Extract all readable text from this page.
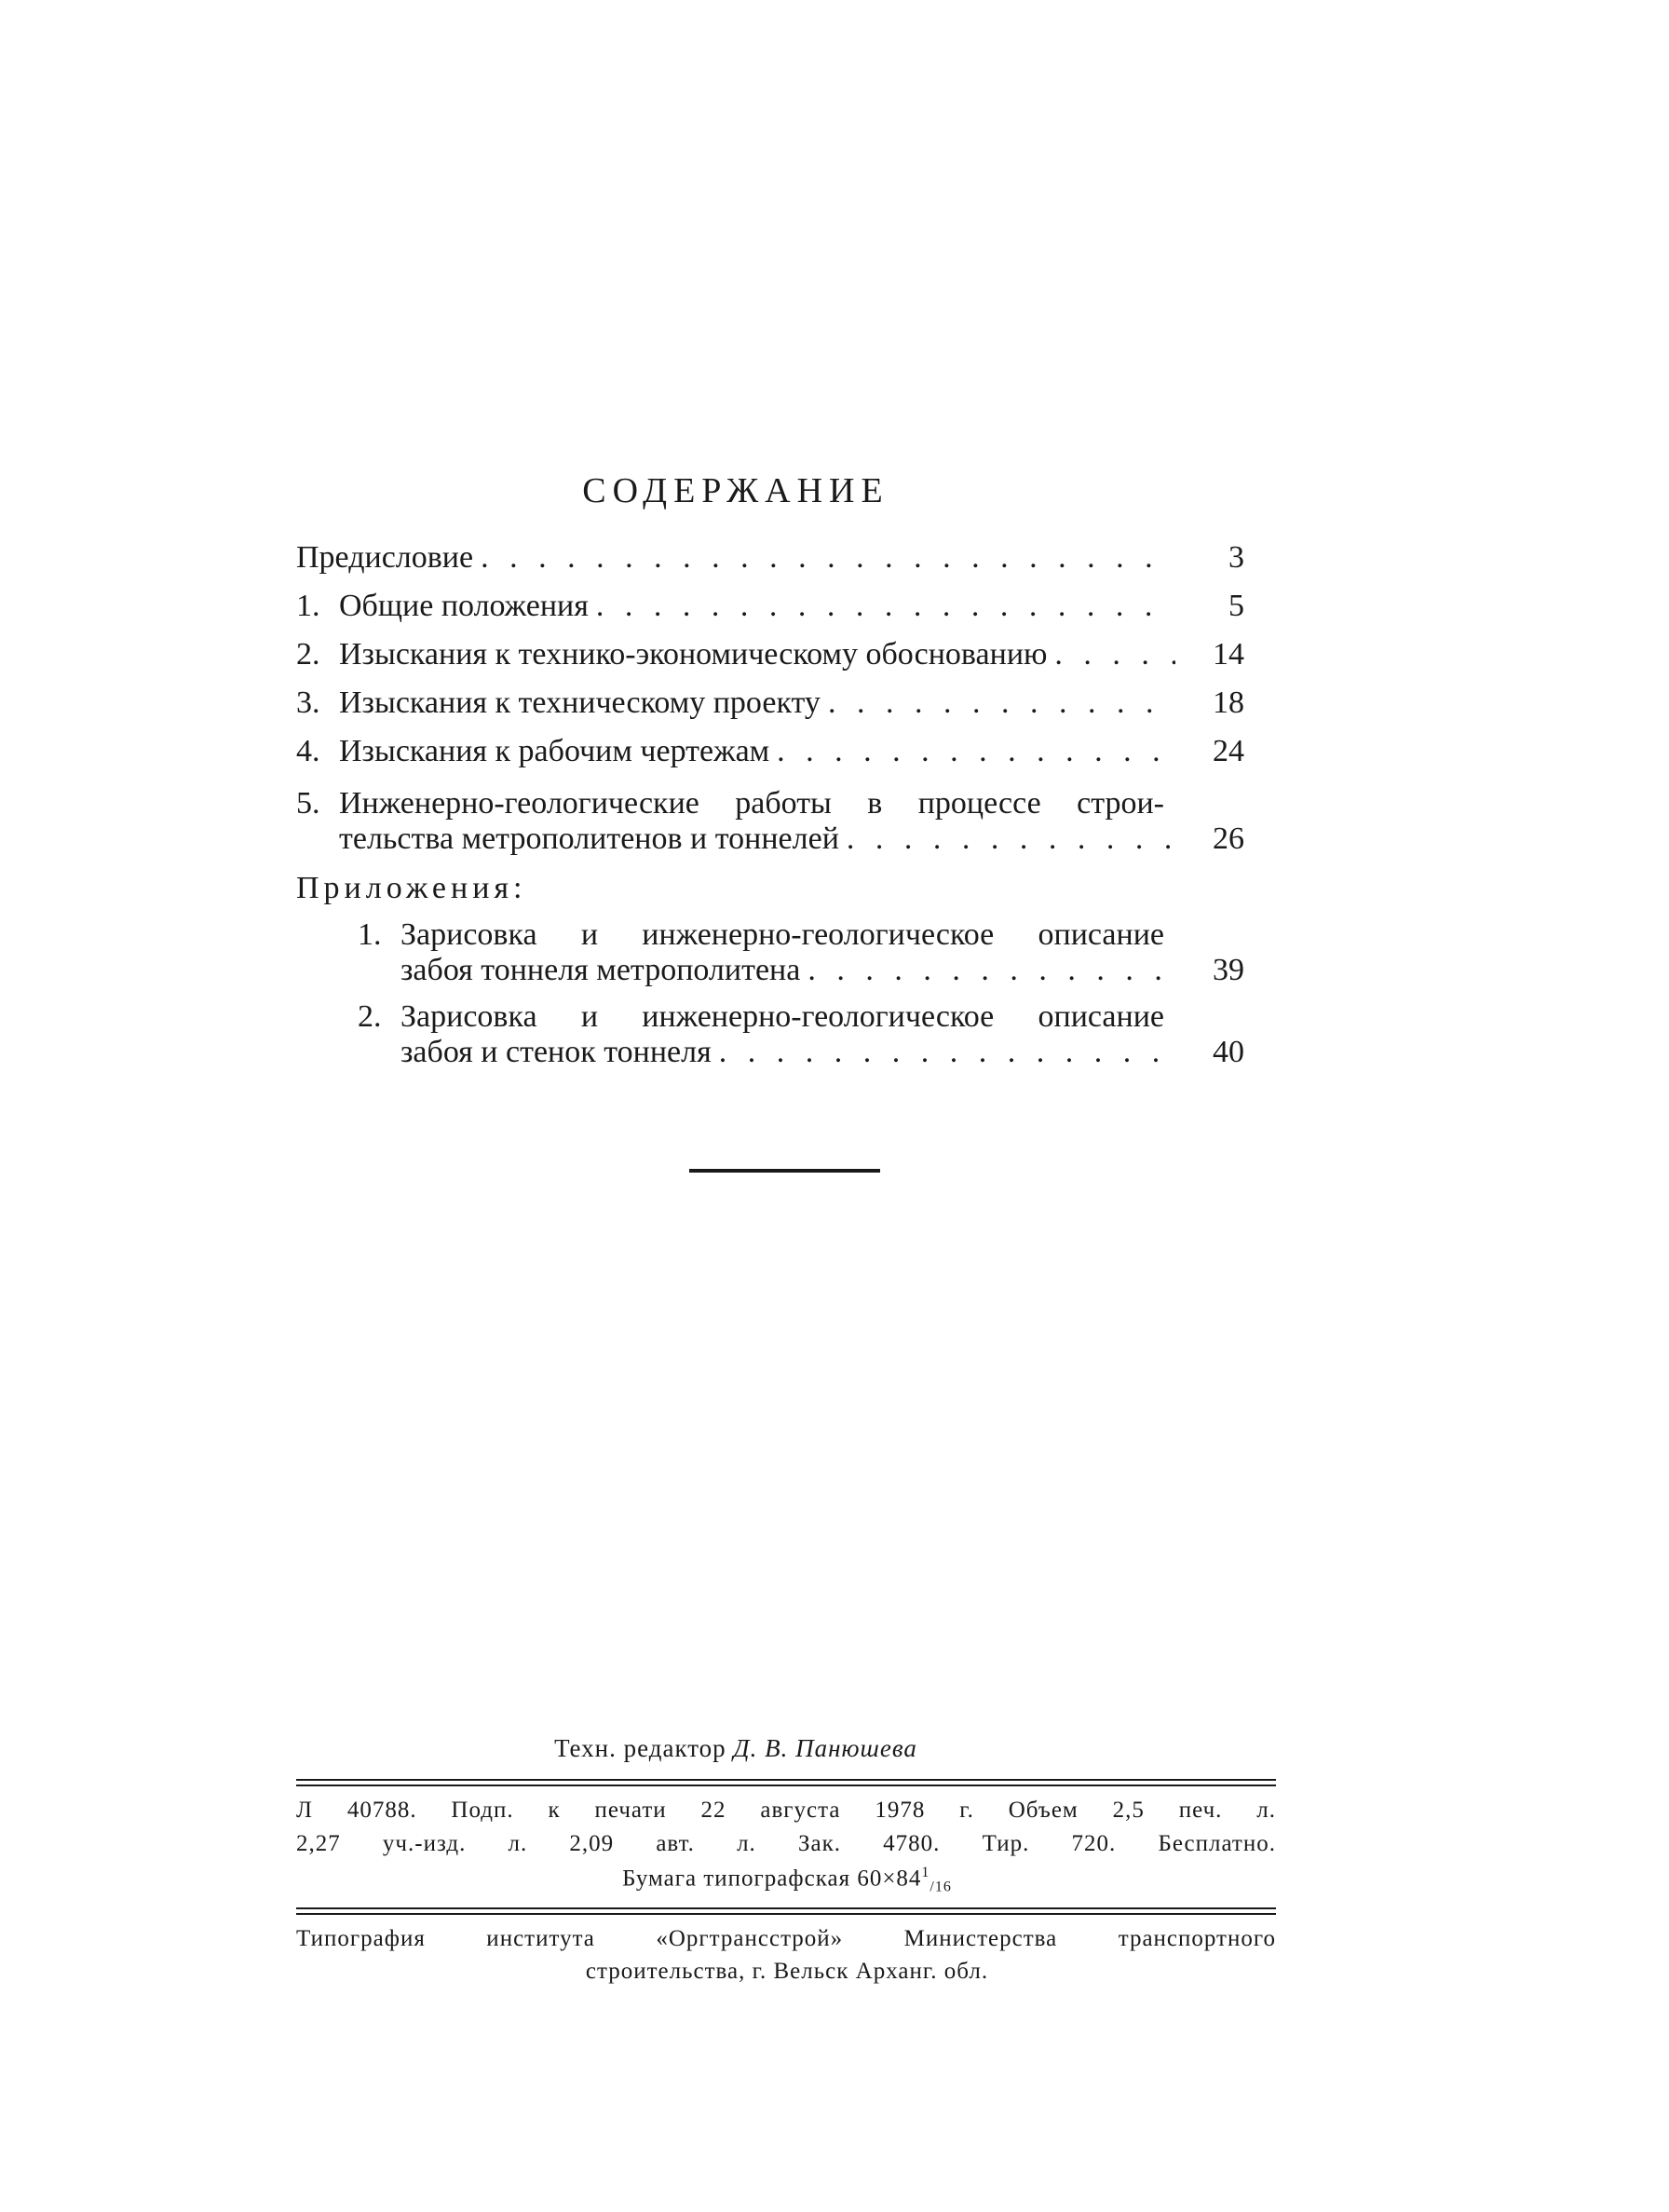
СОДЕРЖАНИЕ
Предисловие . . .	3
1. Общие положения . . .	5
2. Изыскания к технико-экономическому обоснованию . . .	14
3. Изыскания к техническому проекту . . .	18
4. Изыскания к рабочим чертежам . . .	24
5. Инженерно-геологические работы в процессе строи-
тельства метрополитенов и тоннелей . . .	26
Приложения:
1. Зарисовка и инженерно-геологическое описание
забоя тоннеля метрополитена . . .	39
2. Зарисовка и инженерно-геологическое описание
забоя и стенок тоннеля . . .	40
Техн. редактор Д. В. Панюшева
Л 40788. Подп. к печати 22 августа 1978 г. Объем 2,5 печ. л.
2,27 уч.-изд. л. 2,09 авт. л. Зак. 4780. Тир. 720. Бесплатно.
Бумага типографская $60\times 84^1_{/16}$
Типография института «Оргтрансстрой» Министерства транспортного
строительства, г. Вельск Арханг. обл.
